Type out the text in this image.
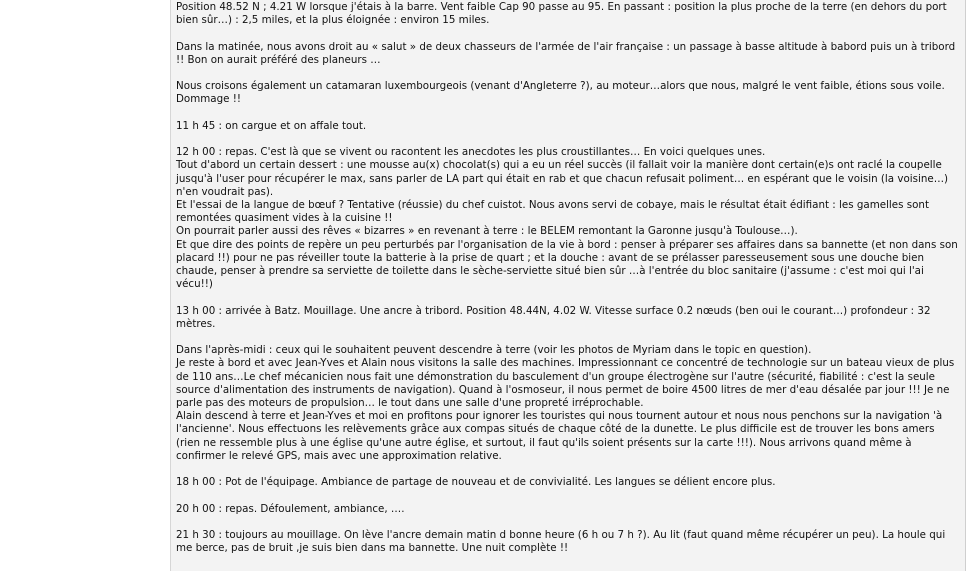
Position 48.52 N ; 4.21 W lorsque j'étais à la barre. Vent faible Cap 90 passe au 95. En passant : position la plus proche de la terre (en dehors du port bien sûr…) : 2,5 miles, et la plus éloignée : environ 15 miles.

Dans la matinée, nous avons droit au « salut » de deux chasseurs de l'armée de l'air française : un passage à basse altitude à babord puis un à tribord !! Bon on aurait préféré des planeurs …

Nous croisons également un catamaran luxembourgeois (venant d'Angleterre ?), au moteur…alors que nous, malgré le vent faible, étions sous voile. Dommage !!

11 h 45 : on cargue et on affale tout.

12 h 00 : repas. C'est là que se vivent ou racontent les anecdotes les plus croustillantes… En voici quelques unes.
Tout d'abord un certain dessert : une mousse au(x) chocolat(s) qui a eu un réel succès (il fallait voir la manière dont certain(e)s ont raclé la coupelle jusqu'à l'user pour récupérer le max, sans parler de LA part qui était en rab et que chacun refusait poliment… en espérant que le voisin (la voisine…) n'en voudrait pas).
Et l'essai de la langue de bœuf ? Tentative (réussie) du chef cuistot. Nous avons servi de cobaye, mais le résultat était édifiant : les gamelles sont remontées quasiment vides à la cuisine !!
On pourrait parler aussi des rêves « bizarres » en revenant à terre : le BELEM remontant la Garonne jusqu'à Toulouse…).
Et que dire des points de repère un peu perturbés par l'organisation de la vie à bord : penser à préparer ses affaires dans sa bannette (et non dans son placard !!) pour ne pas réveiller toute la batterie à la prise de quart ; et la douche : avant de se prélasser paresseusement sous une douche bien chaude, penser à prendre sa serviette de toilette dans le sèche-serviette situé bien sûr …à l'entrée du bloc sanitaire (j'assume : c'est moi qui l'ai vécu!!)

13 h 00 : arrivée à Batz. Mouillage. Une ancre à tribord. Position 48.44N, 4.02 W. Vitesse surface 0.2 nœuds (ben oui le courant…) profondeur : 32 mètres.

Dans l'après-midi : ceux qui le souhaitent peuvent descendre à terre (voir les photos de Myriam dans le topic en question).
Je reste à bord et avec Jean-Yves et Alain nous visitons la salle des machines. Impressionnant ce concentré de technologie sur un bateau vieux de plus de 110 ans…Le chef mécanicien nous fait une démonstration du basculement d'un groupe électrogène sur l'autre (sécurité, fiabilité : c'est la seule source d'alimentation des instruments de navigation). Quand à l'osmoseur, il nous permet de boire 4500 litres de mer d'eau désalée par jour !!! Je ne parle pas des moteurs de propulsion… le tout dans une salle d'une propreté irréprochable.
Alain descend à terre et Jean-Yves et moi en profitons pour ignorer les touristes qui nous tournent autour et nous nous penchons sur la navigation 'à l'ancienne'. Nous effectuons les relèvements grâce aux compas situés de chaque côté de la dunette. Le plus difficile est de trouver les bons amers (rien ne ressemble plus à une église qu'une autre église, et surtout, il faut qu'ils soient présents sur la carte !!!). Nous arrivons quand même à confirmer le relevé GPS, mais avec une approximation relative.

18 h 00 : Pot de l'équipage. Ambiance de partage de nouveau et de convivialité. Les langues se délient encore plus.

20 h 00 : repas. Défoulement, ambiance, ….

21 h 30 : toujours au mouillage. On lève l'ancre demain matin d bonne heure (6 h ou 7 h ?). Au lit (faut quand même récupérer un peu). La houle qui me berce, pas de bruit ,je suis bien dans ma bannette. Une nuit complète !!
